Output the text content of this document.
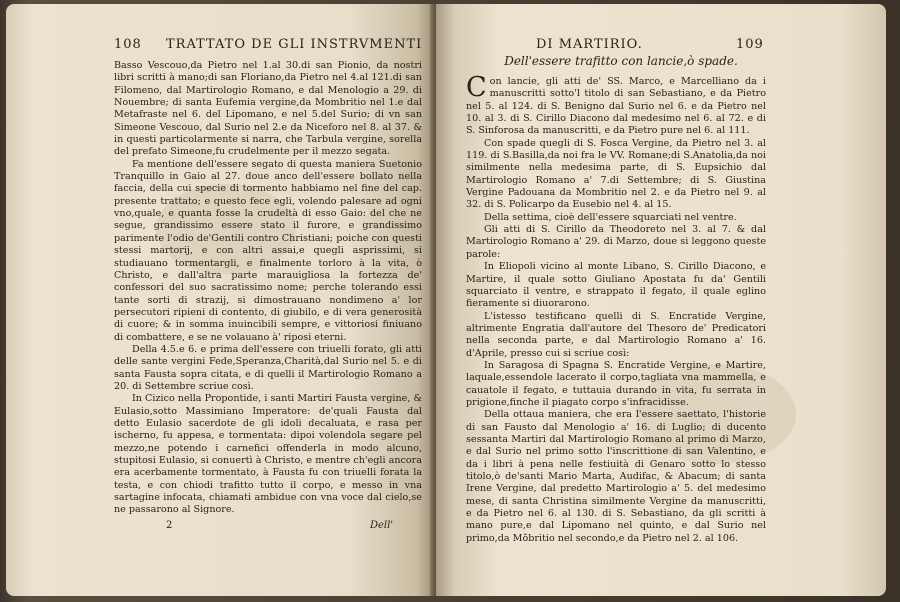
108 TRATTATO DE GLI INSTRVMENTI

Basso Vescouo,da Pietro nel 1.al 30.di san Pionio, da nostri libri scritti à mano;di san Floriano,da Pietro nel 4.al 121.di san Filomeno, dal Martirologio Romano, e dal Menologio a 29. di Nouembre; di santa Eufemia vergine,da Mombritio nel 1.e dal Metafraste nel 6. del Lipomano, e nel 5.del Surio; di vn san Simeone Vescouo, dal Surio nel 2.e da Niceforo nel 8. al 37. & in questi particolarmente si narra, che Tarbula vergine, sorella del prefato Simeone,fu crudelmente per il mezzo segata.

Fa mentione dell'essere segato di questa maniera Suetonio Tranquillo in Gaio al 27. doue anco dell'essere bollato nella faccia, della cui specie di tormento habbiamo nel fine del cap. presente trattato; e questo fece egli, volendo palesare ad ogni vno,quale, e quanta fosse la crudeltà di esso Gaio: del che ne segue, grandissimo essere stato il furore, e grandissimo parimente l'odio de'Gentili contro Christiani; poiche con questi stessi martorij, e con altri assai,e quegli asprissimi, si studiauano tormentargli, e finalmente torloro à la vita, ò Christo, e dall'altra parte marauigliosa la fortezza de' confessori del suo sacratissimo nome; perche tolerando essi tante sorti di strazij, si dimostrauano nondimeno a' lor persecutori ripieni di contento, di giubilo, e di vera generosità di cuore; & in somma inuincibili sempre, e vittoriosi finiuano di combattere, e se ne volauano à' riposi eterni.

Della 4.5.e 6. e prima dell'essere con triuelli forato, gli atti delle sante vergini Fede,Speranza,Charità,dal Surio nel 5. e di santa Fausta sopra citata, e di quelli il Martirologio Romano a 20. di Settembre scriue così.

In Cizico nella Propontide, i santi Martiri Fausta vergine, & Eulasio,sotto Massimiano Imperatore: de'quali Fausta dal detto Eulasio sacerdote de gli idoli decaluata, e rasa per ischerno, fu appesa, e tormentata: dipoi volendola segare pel mezzo,ne potendo i carnefici offenderla in modo alcuno, stupitosi Eulasio, si conuertì à Christo, e mentre ch'egli ancora era acerbamente tormentato, à Fausta fu con triuelli forata la testa, e con chiodi trafitto tutto il corpo, e messo in vna sartagine infocata, chiamati ambidue con vna voce dal cielo,se ne passarono al Signore.

2	Dell'
DI MARTIRIO.	109
Dell'essere trafitto con lancie,ò spade.

Con lancie, gli atti de' SS. Marco, e Marcelliano da i manuscritti sotto'l titolo di san Sebastiano, e da Pietro nel 5. al 124. di S. Benigno dal Surio nel 6. e da Pietro nel 10. al 3. di S. Cirillo Diacono dal medesimo nel 6. al 72. e di S. Sinforosa da manuscritti, e da Pietro pure nel 6. al 111.

Con spade quegli di S. Fosca Vergine, da Pietro nel 3. al 119. di S.Basilla,da noi fra le VV. Romane;di S.Anatolia,da noi similmente nella medesima parte, di S. Eupsichio dal Martirologio Romano a' 7.di Settembre; di S. Giustina Vergine Padouana da Mombritio nel 2. e da Pietro nel 9. al 32. di S. Policarpo da Eusebio nel 4. al 15.

Della settima, cioè dell'essere squarciati nel ventre.

Gli atti di S. Cirillo da Theodoreto nel 3. al 7. & dal Martirologio Romano a' 29. di Marzo, doue si leggono queste parole:

In Eliopoli vicino al monte Libano, S. Cirillo Diacono, e Martire, il quale sotto Giuliano Apostata fu da' Gentili squarciato il ventre, e strappato il fegato, il quale eglino fieramente si diuorarono.

L'istesso testificano quelli di S. Encratide Vergine, altrimente Engratia dall'autore del Thesoro de' Predicatori nella seconda parte, e dal Martirologio Romano a' 16. d'Aprile, presso cui si scriue così:

In Saragosa di Spagna S. Encratide Vergine, e Martire, laquale,essendole lacerato il corpo,tagliata vna mammella, e cauatole il fegato, e tuttauia durando in vita, fu serrata in prigione,finche il piagato corpo s'infracidisse.

Della ottaua maniera, che era l'essere saettato, l'historie di san Fausto dal Menologio a' 16. di Luglio; di ducento sessanta Martiri dal Martirologio Romano al primo di Marzo, e dal Surio nel primo sotto l'inscrittione di san Valentino, e da i libri à pena nelle festiuità di Genaro sotto lo stesso titolo,ò de'santi Mario Marta, Audifac, & Abacum; di santa Irene Vergine, dal predetto Martirologio a' 5. del medesimo mese, di santa Christina similmente Vergine da manuscritti, e da Pietro nel 6. al 130. di S. Sebastiano, da gli scritti à mano pure,e dal Lipomano nel quinto, e dal Surio nel primo,da Mõbritio nel secondo,e da Pietro nel 2. al 106.
